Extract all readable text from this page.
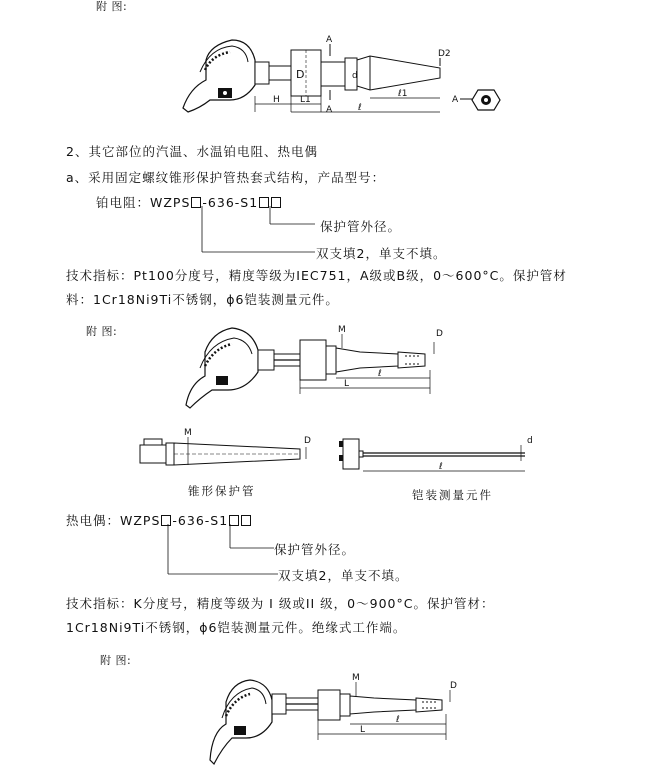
附 图:
A
A
D	d
D2
H L1
ℓ
ℓ1
A
2、其它部位的汽温、水温铂电阻、热电偶
a、采用固定螺纹锥形保护管热套式结构，产品型号：
铂电阻：WZPS -636-S1
保护管外径。
双支填2，单支不填。
技术指标：Pt100分度号，精度等级为IEC751，A级或B级，0～600°C。保护管材
料：1Cr18Ni9Ti不锈钢，ϕ6铠装测量元件。
附 图:	M	D
ℓ
L
M
D
锥形保护管
d
ℓ
铠装测量元件
热电偶：WZPS -636-S1
保护管外径。
双支填2，单支不填。
技术指标：K分度号，精度等级为 I 级或II 级，0～900°C。保护管材：
1Cr18Ni9Ti不锈钢，ϕ6铠装测量元件。绝缘式工作端。
附 图:
M
D
ℓ
L
